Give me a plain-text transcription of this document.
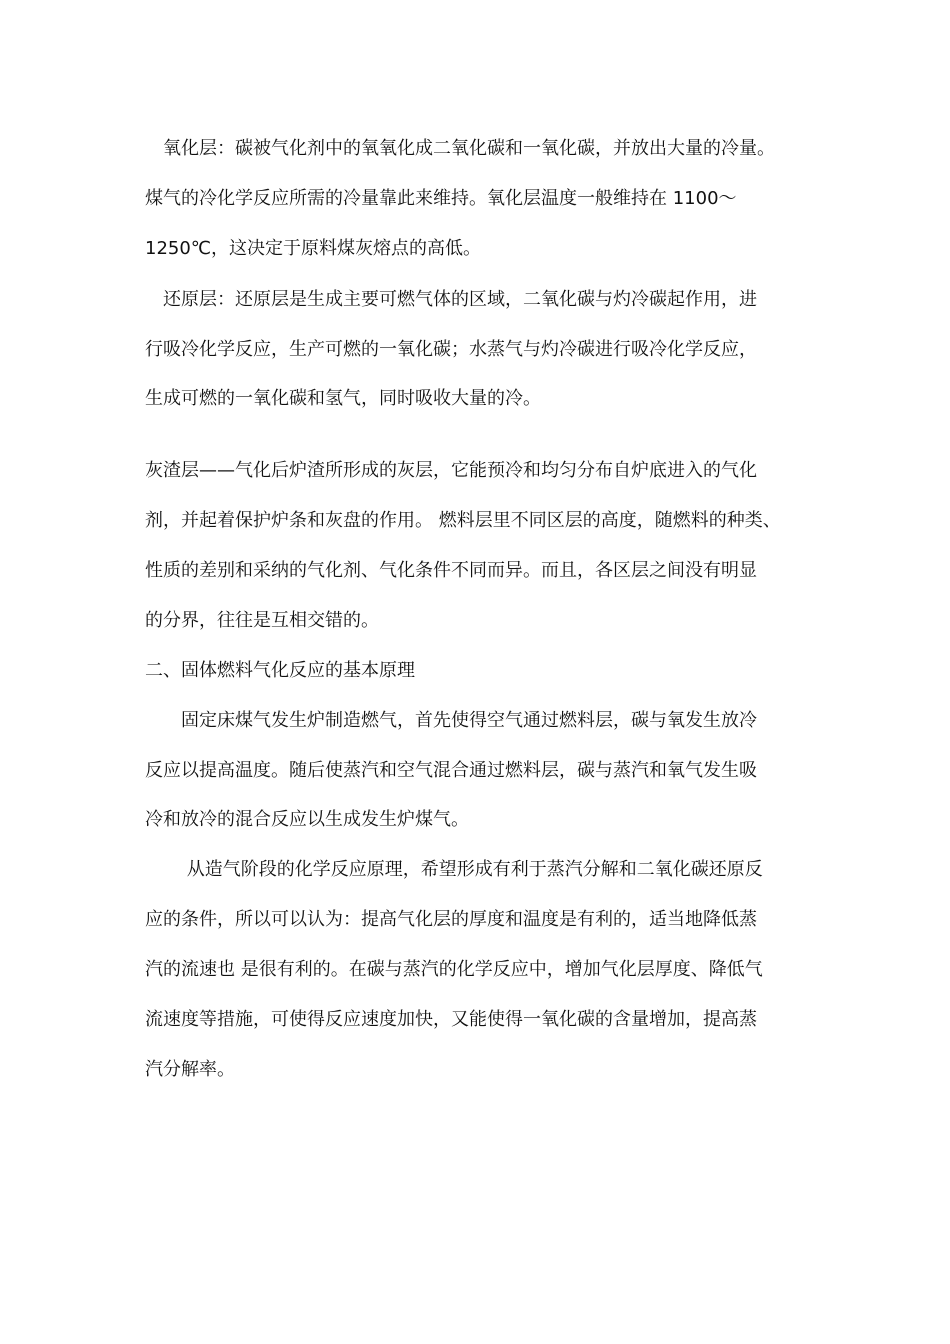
　氧化层：碳被气化剂中的氧氧化成二氧化碳和一氧化碳，并放出大量的冷量。
煤气的冷化学反应所需的冷量靠此来维持。氧化层温度一般维持在 1100～
1250℃，这决定于原料煤灰熔点的高低。
　还原层：还原层是生成主要可燃气体的区域，二氧化碳与灼冷碳起作用，进
行吸冷化学反应，生产可燃的一氧化碳；水蒸气与灼冷碳进行吸冷化学反应，
生成可燃的一氧化碳和氢气，同时吸收大量的冷。
灰渣层——气化后炉渣所形成的灰层，它能预冷和均匀分布自炉底进入的气化
剂，并起着保护炉条和灰盘的作用。 燃料层里不同区层的高度，随燃料的种类、
性质的差别和采纳的气化剂、气化条件不同而异。而且，各区层之间没有明显
的分界，往往是互相交错的。
二、固体燃料气化反应的基本原理
　　固定床煤气发生炉制造燃气，首先使得空气通过燃料层，碳与氧发生放冷
反应以提高温度。随后使蒸汽和空气混合通过燃料层，碳与蒸汽和氧气发生吸
冷和放冷的混合反应以生成发生炉煤气。
　　 从造气阶段的化学反应原理，希望形成有利于蒸汽分解和二氧化碳还原反
应的条件，所以可以认为：提高气化层的厚度和温度是有利的，适当地降低蒸
汽的流速也 是很有利的。在碳与蒸汽的化学反应中，增加气化层厚度、降低气
流速度等措施，可使得反应速度加快，又能使得一氧化碳的含量增加，提高蒸
汽分解率。
